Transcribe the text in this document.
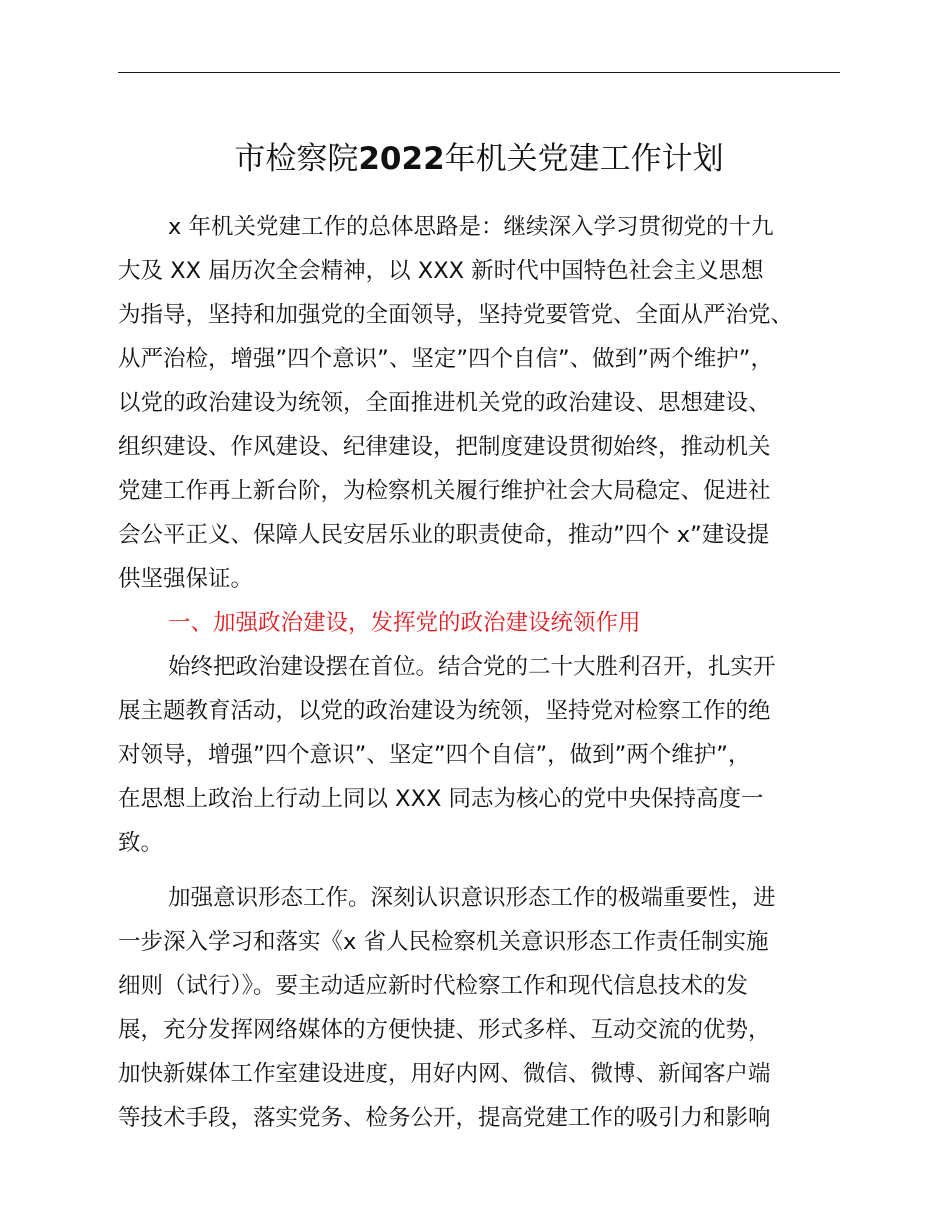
市检察院2022年机关党建工作计划
x 年机关党建工作的总体思路是：继续深入学习贯彻党的十九
大及 XX 届历次全会精神，以 XXX 新时代中国特色社会主义思想
为指导，坚持和加强党的全面领导，坚持党要管党、全面从严治党、
从严治检，增强”四个意识”、坚定”四个自信”、做到”两个维护”，
以党的政治建设为统领，全面推进机关党的政治建设、思想建设、
组织建设、作风建设、纪律建设，把制度建设贯彻始终，推动机关
党建工作再上新台阶，为检察机关履行维护社会大局稳定、促进社
会公平正义、保障人民安居乐业的职责使命，推动”四个 x”建设提
供坚强保证。
一、加强政治建设，发挥党的政治建设统领作用
始终把政治建设摆在首位。结合党的二十大胜利召开，扎实开
展主题教育活动，以党的政治建设为统领，坚持党对检察工作的绝
对领导，增强”四个意识”、坚定”四个自信”，做到”两个维护”，
在思想上政治上行动上同以 XXX 同志为核心的党中央保持高度一
致。
加强意识形态工作。深刻认识意识形态工作的极端重要性，进
一步深入学习和落实《x 省人民检察机关意识形态工作责任制实施
细则（试行）》。要主动适应新时代检察工作和现代信息技术的发
展，充分发挥网络媒体的方便快捷、形式多样、互动交流的优势，
加快新媒体工作室建设进度，用好内网、微信、微博、新闻客户端
等技术手段，落实党务、检务公开，提高党建工作的吸引力和影响
